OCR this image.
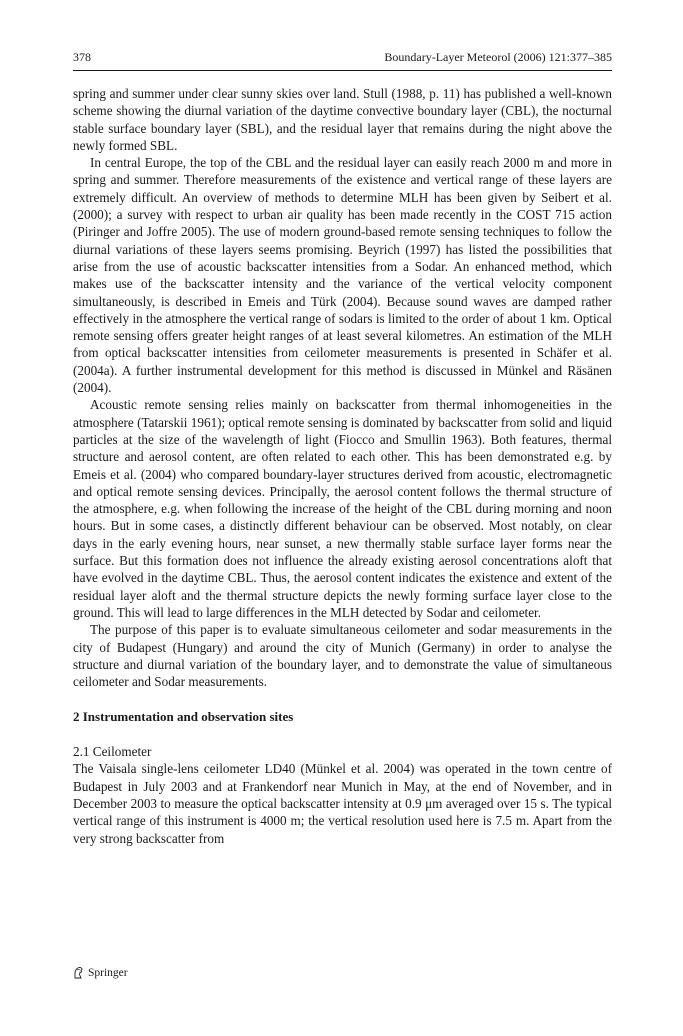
378	Boundary-Layer Meteorol (2006) 121:377–385

spring and summer under clear sunny skies over land. Stull (1988, p. 11) has published a well-known scheme showing the diurnal variation of the daytime convective boundary layer (CBL), the nocturnal stable surface boundary layer (SBL), and the residual layer that remains during the night above the newly formed SBL.

In central Europe, the top of the CBL and the residual layer can easily reach 2000 m and more in spring and summer. Therefore measurements of the existence and vertical range of these layers are extremely difficult. An overview of methods to determine MLH has been given by Seibert et al. (2000); a survey with respect to urban air quality has been made recently in the COST 715 action (Piringer and Joffre 2005). The use of modern ground-based remote sensing techniques to follow the diurnal variations of these layers seems promising. Beyrich (1997) has listed the possibilities that arise from the use of acoustic backscatter intensities from a Sodar. An enhanced method, which makes use of the backscatter intensity and the variance of the vertical velocity component simultaneously, is described in Emeis and Türk (2004). Because sound waves are damped rather effectively in the atmosphere the vertical range of sodars is limited to the order of about 1 km. Optical remote sensing offers greater height ranges of at least several kilometres. An estimation of the MLH from optical backscatter intensities from ceilometer measurements is presented in Schäfer et al. (2004a). A further instrumental development for this method is discussed in Münkel and Räsänen (2004).

Acoustic remote sensing relies mainly on backscatter from thermal inhomogeneities in the atmosphere (Tatarskii 1961); optical remote sensing is dominated by backscatter from solid and liquid particles at the size of the wavelength of light (Fiocco and Smullin 1963). Both features, thermal structure and aerosol content, are often related to each other. This has been demonstrated e.g. by Emeis et al. (2004) who compared boundary-layer structures derived from acoustic, electromagnetic and optical remote sensing devices. Principally, the aerosol content follows the thermal structure of the atmosphere, e.g. when following the increase of the height of the CBL during morning and noon hours. But in some cases, a distinctly different behaviour can be observed. Most notably, on clear days in the early evening hours, near sunset, a new thermally stable surface layer forms near the surface. But this formation does not influence the already existing aerosol concentrations aloft that have evolved in the daytime CBL. Thus, the aerosol content indicates the existence and extent of the residual layer aloft and the thermal structure depicts the newly forming surface layer close to the ground. This will lead to large differences in the MLH detected by Sodar and ceilometer.

The purpose of this paper is to evaluate simultaneous ceilometer and sodar measurements in the city of Budapest (Hungary) and around the city of Munich (Germany) in order to analyse the structure and diurnal variation of the boundary layer, and to demonstrate the value of simultaneous ceilometer and Sodar measurements.

2 Instrumentation and observation sites
2.1 Ceilometer

The Vaisala single-lens ceilometer LD40 (Münkel et al. 2004) was operated in the town centre of Budapest in July 2003 and at Frankendorf near Munich in May, at the end of November, and in December 2003 to measure the optical backscatter intensity at 0.9 μm averaged over 15 s. The typical vertical range of this instrument is 4000 m; the vertical resolution used here is 7.5 m. Apart from the very strong backscatter from

Springer
